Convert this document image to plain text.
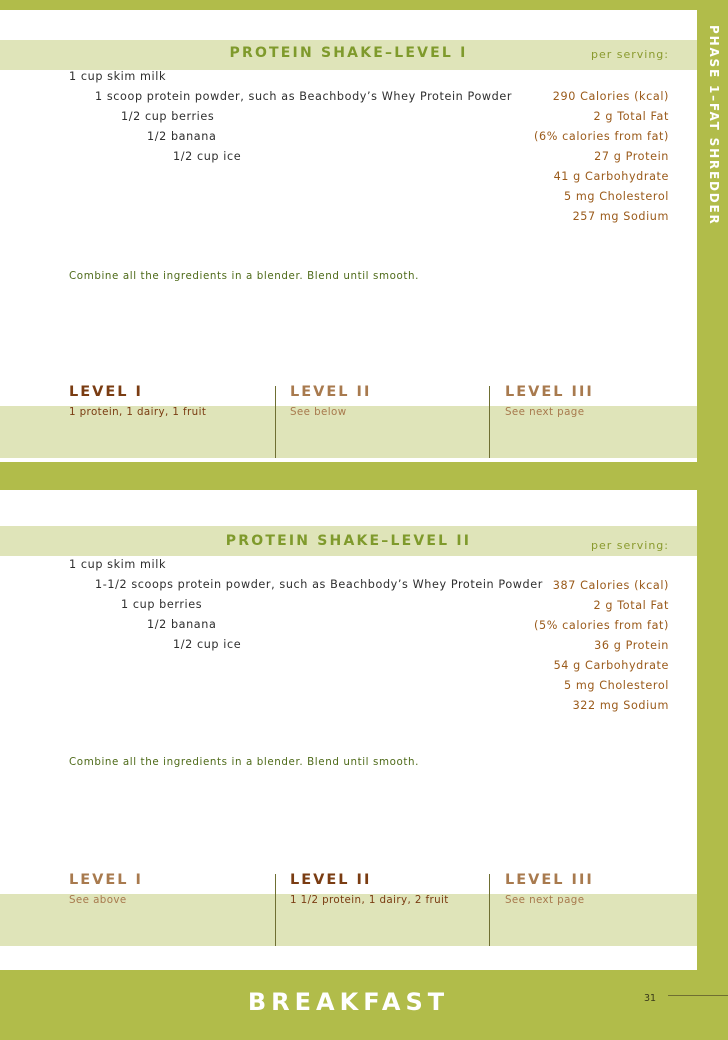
PROTEIN SHAKE–LEVEL I	per serving:
1 cup skim milk
1 scoop protein powder, such as Beachbody’s Whey Protein Powder
1/2 cup berries
1/2 banana
1/2 cup ice
290 Calories (kcal)
2 g Total Fat
(6% calories from fat)
27 g Protein
41 g Carbohydrate
5 mg Cholesterol
257 mg Sodium
Combine all the ingredients in a blender. Blend until smooth.
LEVEL I
1 protein, 1 dairy, 1 fruit
LEVEL II
See below
LEVEL III
See next page
PROTEIN SHAKE–LEVEL II	per serving:
1 cup skim milk
1-1/2 scoops protein powder, such as Beachbody’s Whey Protein Powder
1 cup berries
1/2 banana
1/2 cup ice
387 Calories (kcal)
2 g Total Fat
(5% calories from fat)
36 g Protein
54 g Carbohydrate
5 mg Cholesterol
322 mg Sodium
Combine all the ingredients in a blender. Blend until smooth.
LEVEL I
See above
LEVEL II
1 1/2 protein, 1 dairy, 2 fruit
LEVEL III
See next page
PHASE 1–FAT SHREDDER
BREAKFAST	31
